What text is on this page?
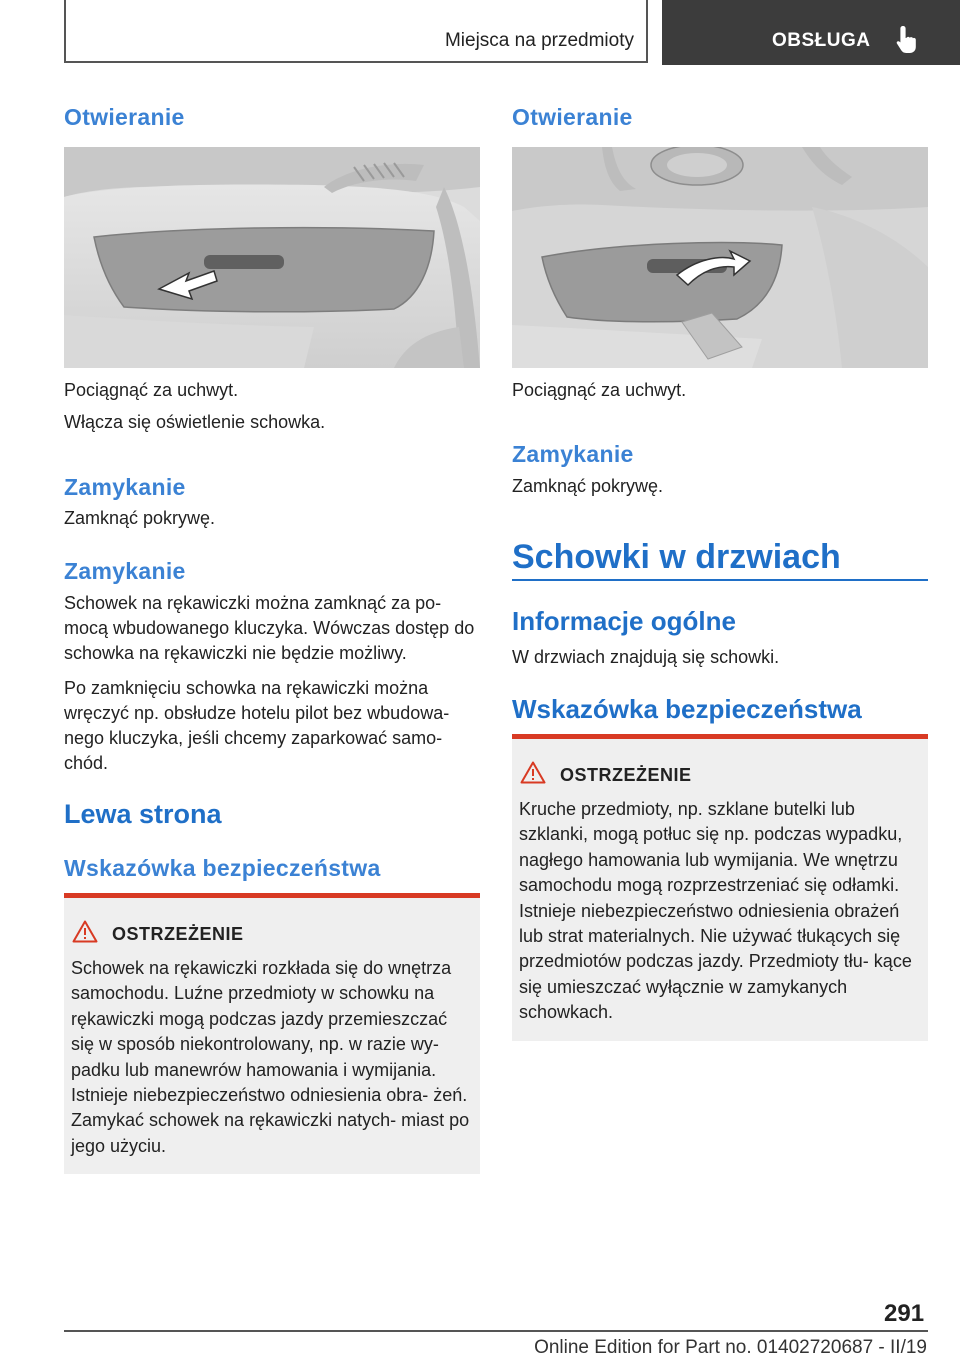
Miejsca na przedmioty	OBSŁUGA
Otwieranie

Pociągnąć za uchwyt.

Włącza się oświetlenie schowka.

Zamykanie

Zamknąć pokrywę.

Zamykanie

Schowek na rękawiczki można zamknąć za po- mocą wbudowanego kluczyka. Wówczas dostęp do schowka na rękawiczki nie będzie możliwy.

Po zamknięciu schowka na rękawiczki można wręczyć np. obsłudze hotelu pilot bez wbudowa- nego kluczyka, jeśli chcemy zaparkować samo- chód.

Lewa strona
Wskazówka bezpieczeństwa
OSTRZEŻENIE

Schowek na rękawiczki rozkłada się do wnętrza samochodu. Luźne przedmioty w schowku na rękawiczki mogą podczas jazdy przemieszczać się w sposób niekontrolowany, np. w razie wy- padku lub manewrów hamowania i wymijania. Istnieje niebezpieczeństwo odniesienia obra- żeń. Zamykać schowek na rękawiczki natych- miast po jego użyciu.

Otwieranie

Pociągnąć za uchwyt.

Zamykanie

Zamknąć pokrywę.

Schowki w drzwiach
Informacje ogólne

W drzwiach znajdują się schowki.

Wskazówka bezpieczeństwa
OSTRZEŻENIE

Kruche przedmioty, np. szklane butelki lub szklanki, mogą potłuc się np. podczas wypadku, nagłego hamowania lub wymijania. We wnętrzu samochodu mogą rozprzestrzeniać się odłamki. Istnieje niebezpieczeństwo odniesienia obrażeń lub strat materialnych. Nie używać tłukących się przedmiotów podczas jazdy. Przedmioty tłu- kące się umieszczać wyłącznie w zamykanych schowkach.

291
Online Edition for Part no. 01402720687 - II/19
